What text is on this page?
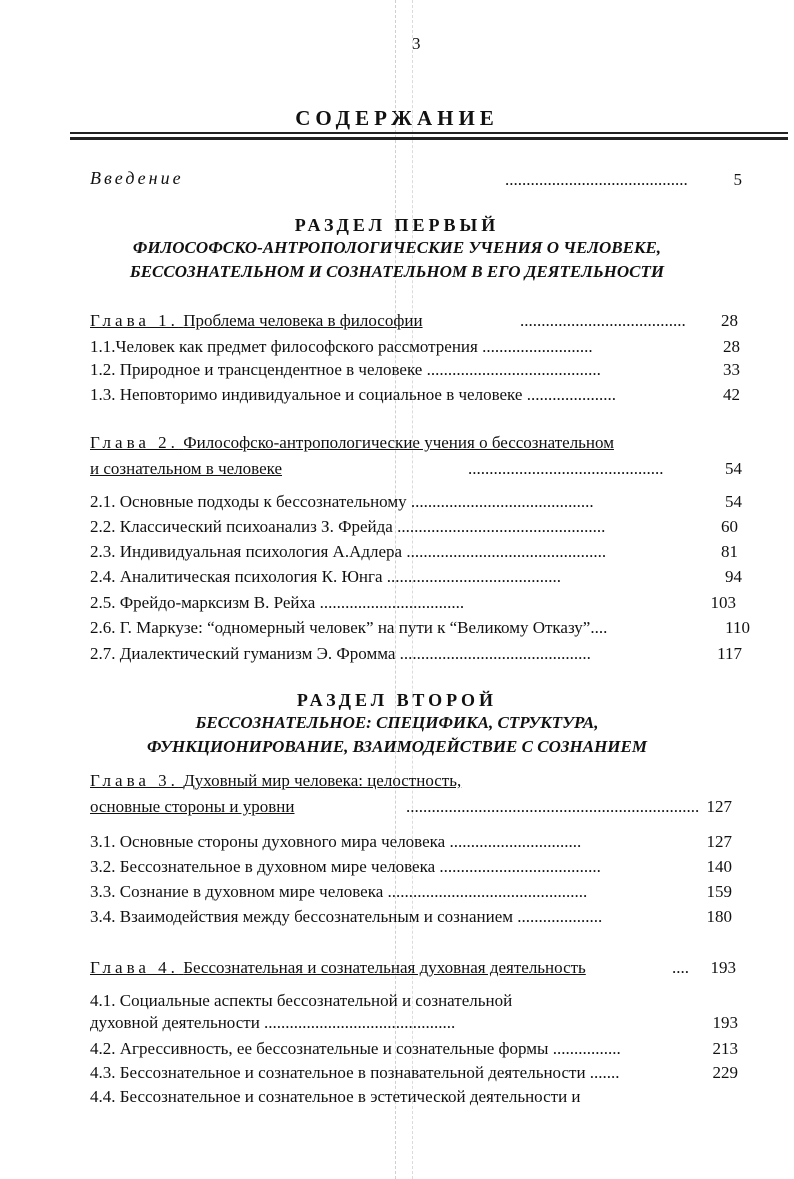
3
СОДЕРЖАНИЕ
Введение	...........................................	5
РАЗДЕЛ ПЕРВЫЙ
ФИЛОСОФСКО-АНТРОПОЛОГИЧЕСКИЕ УЧЕНИЯ О ЧЕЛОВЕКЕ,
БЕССОЗНАТЕЛЬНОМ И СОЗНАТЕЛЬНОМ В ЕГО ДЕЯТЕЛЬНОСТИ
Глава 1. Проблема человека в философии	....................................... 28
1.1.Человек как предмет философского рассмотрения ..........................	28
1.2. Природное и трансцендентное в человеке .........................................	33
1.3. Неповторимо индивидуальное и социальное в человеке .....................	42
Глава 2. Философско-антропологические учения о бессознательном
и сознательном в человеке	..............................................	54
2.1. Основные подходы к бессознательному ...........................................	54
2.2. Классический психоанализ З. Фрейда .................................................	60
2.3. Индивидуальная психология А.Адлера ...............................................	81
2.4. Аналитическая психология К. Юнга .........................................	94
2.5. Фрейдо-марксизм В. Рейха ..................................	103
2.6. Г. Маркузе: “одномерный человек” на пути к “Великому Отказу”....	110
2.7. Диалектический гуманизм Э. Фромма .............................................	117
РАЗДЕЛ ВТОРОЙ
БЕССОЗНАТЕЛЬНОЕ: СПЕЦИФИКА, СТРУКТУРА,
ФУНКЦИОНИРОВАНИЕ, ВЗАИМОДЕЙСТВИЕ С СОЗНАНИЕМ
Глава 3. Духовный мир человека: целостность,
основные стороны и уровни	..................................................................... 127
3.1. Основные стороны духовного мира человека ...............................	127
3.2. Бессознательное в духовном мире человека ......................................	140
3.3. Сознание в духовном мире человека ...............................................	159
3.4. Взаимодействия между бессознательным и сознанием ....................	180
Глава 4. Бессознательная и сознательная духовная деятельность	.... 193
4.1. Социальные аспекты бессознательной и сознательной
духовной деятельности .............................................	193
4.2. Агрессивность, ее бессознательные и сознательные формы ................	213
4.3. Бессознательное и сознательное в познавательной деятельности .......	229
4.4. Бессознательное и сознательное в эстетической деятельности и
